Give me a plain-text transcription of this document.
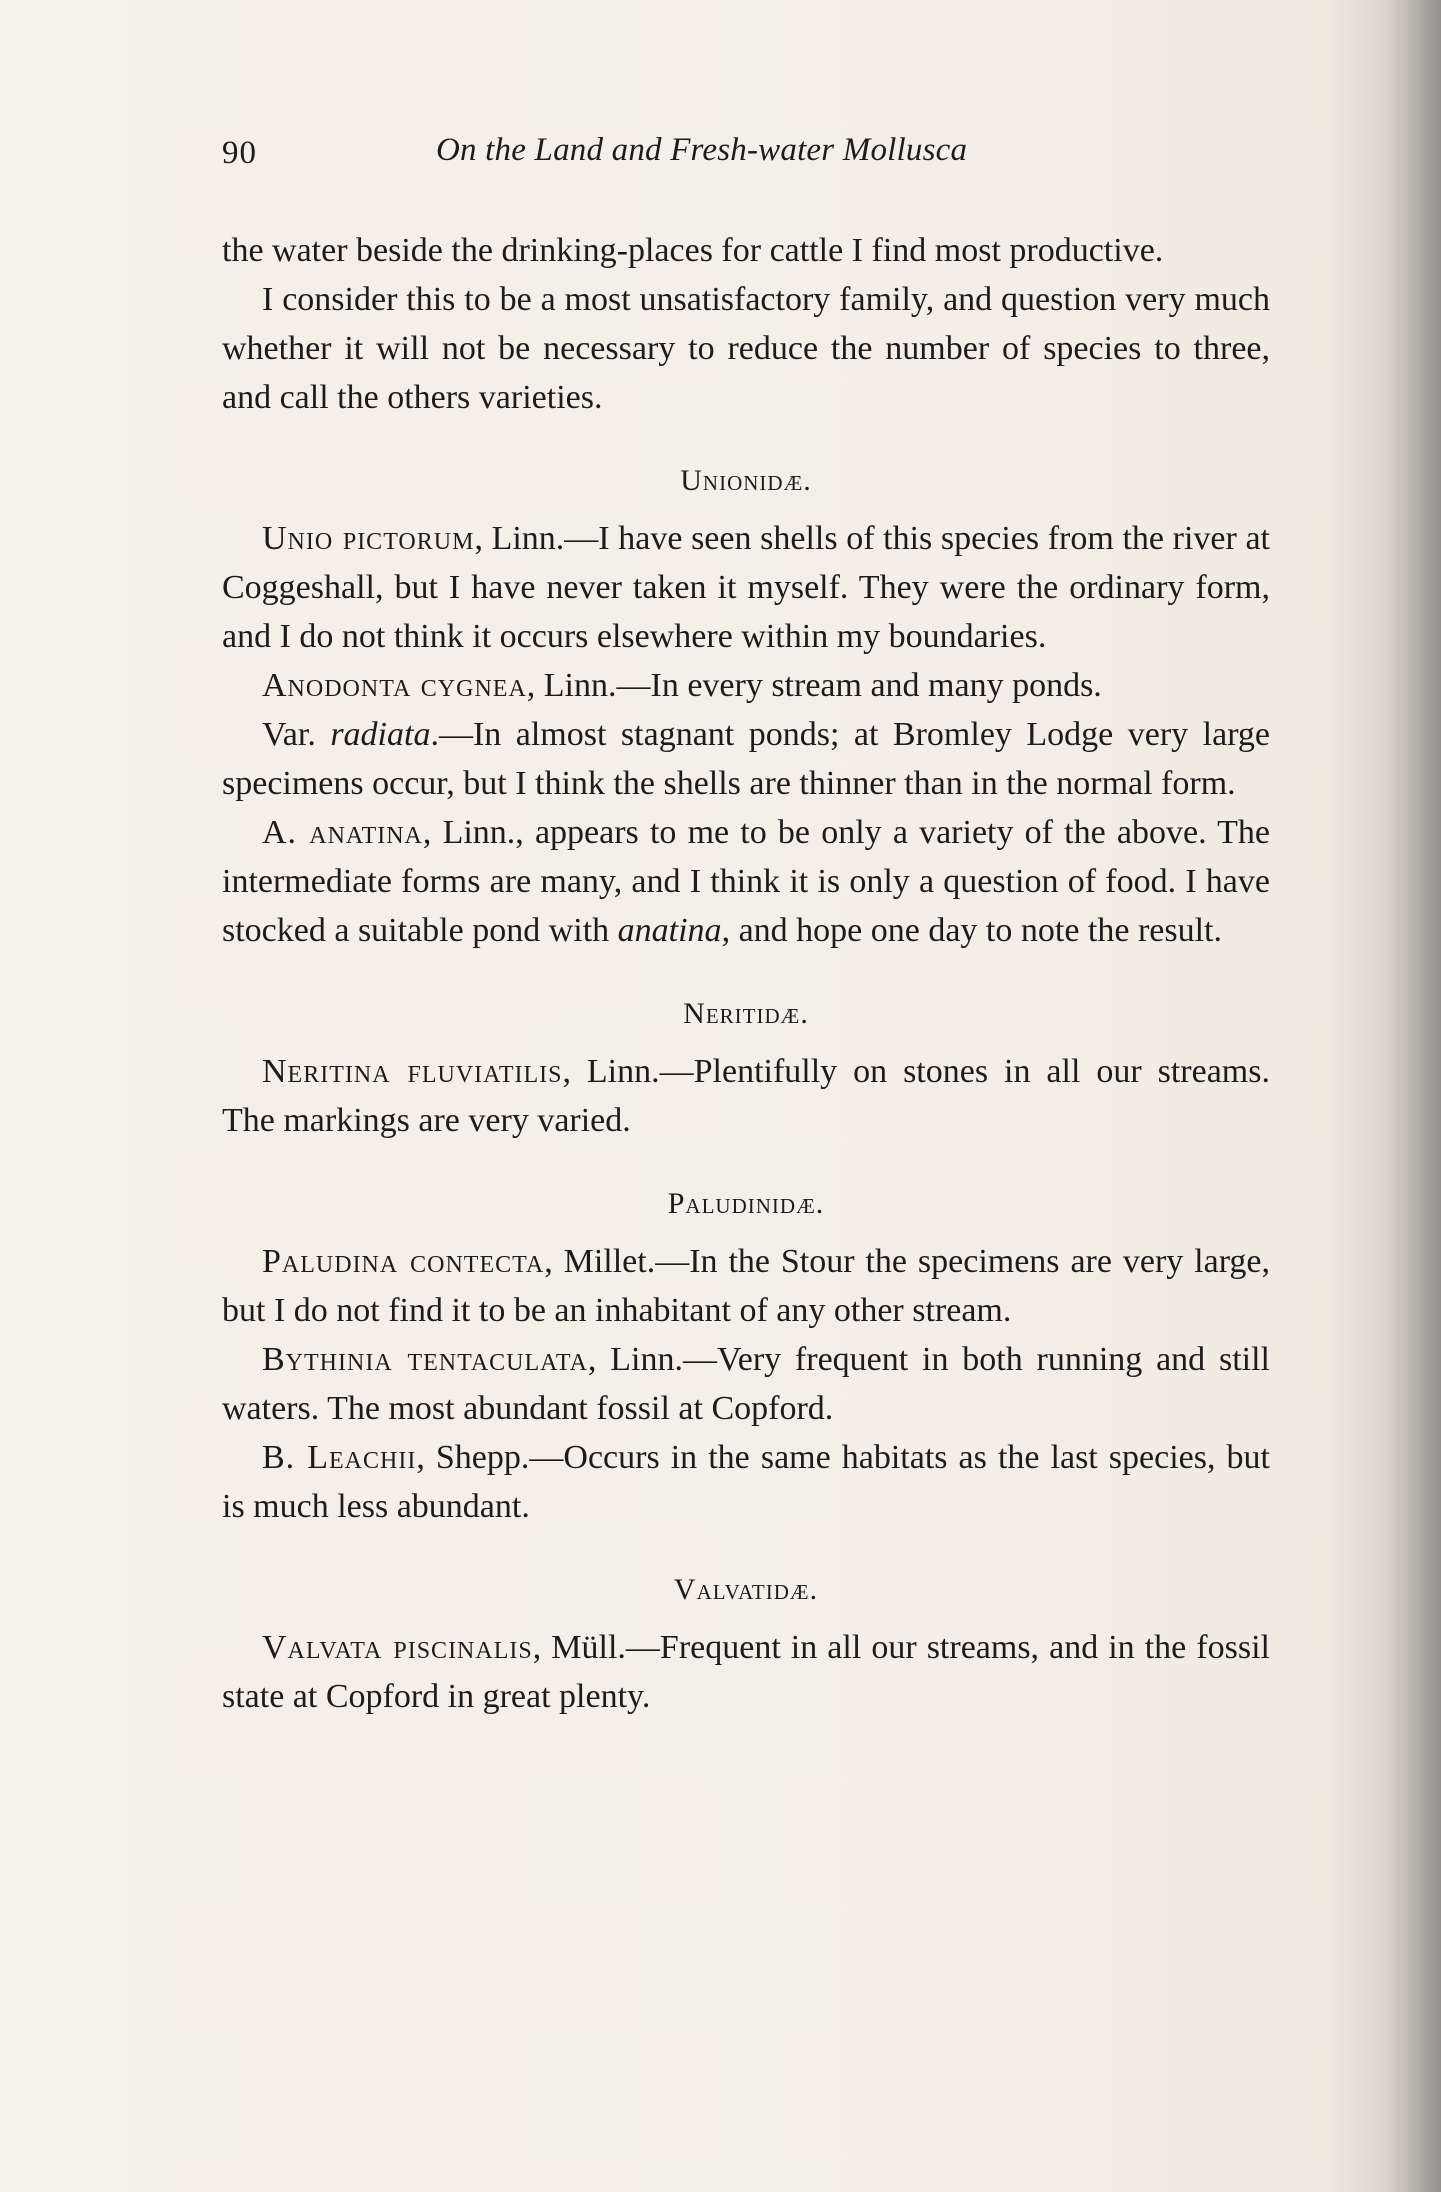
90	On the Land and Fresh-water Mollusca

the water beside the drinking-places for cattle I find most productive.

I consider this to be a most unsatisfactory family, and question very much whether it will not be necessary to reduce the number of species to three, and call the others varieties.

Unionidæ.

Unio pictorum, Linn.—I have seen shells of this species from the river at Coggeshall, but I have never taken it myself. They were the ordinary form, and I do not think it occurs elsewhere within my boundaries.

Anodonta cygnea, Linn.—In every stream and many ponds.

Var. radiata.—In almost stagnant ponds; at Bromley Lodge very large specimens occur, but I think the shells are thinner than in the normal form.

A. anatina, Linn., appears to me to be only a variety of the above. The intermediate forms are many, and I think it is only a question of food. I have stocked a suitable pond with anatina, and hope one day to note the result.

Neritidæ.

Neritina fluviatilis, Linn.—Plentifully on stones in all our streams. The markings are very varied.

Paludinidæ.

Paludina contecta, Millet.—In the Stour the specimens are very large, but I do not find it to be an inhabitant of any other stream.

Bythinia tentaculata, Linn.—Very frequent in both running and still waters. The most abundant fossil at Copford.

B. Leachii, Shepp.—Occurs in the same habitats as the last species, but is much less abundant.

Valvatidæ.

Valvata piscinalis, Müll.—Frequent in all our streams, and in the fossil state at Copford in great plenty.
